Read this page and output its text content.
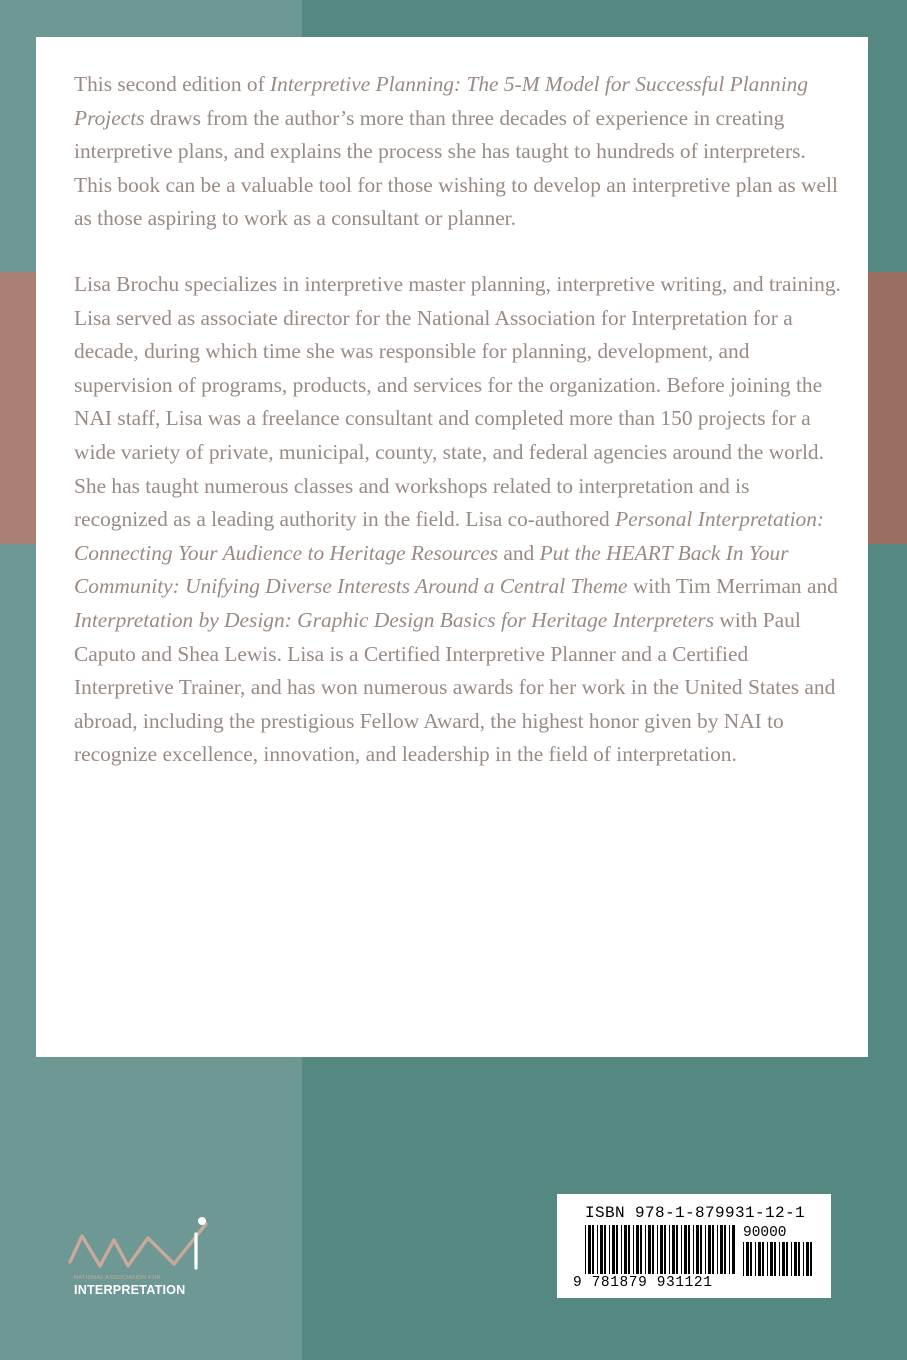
This second edition of Interpretive Planning: The 5-M Model for Successful Planning Projects draws from the author’s more than three decades of experience in creating interpretive plans, and explains the process she has taught to hundreds of interpreters. This book can be a valuable tool for those wishing to develop an interpretive plan as well as those aspiring to work as a consultant or planner.

Lisa Brochu specializes in interpretive master planning, interpretive writing, and training. Lisa served as associate director for the National Association for Interpretation for a decade, during which time she was responsible for planning, development, and supervision of programs, products, and services for the organization. Before joining the NAI staff, Lisa was a freelance consultant and completed more than 150 projects for a wide variety of private, municipal, county, state, and federal agencies around the world. She has taught numerous classes and workshops related to interpretation and is recognized as a leading authority in the field. Lisa co-authored Personal Interpretation: Connecting Your Audience to Heritage Resources and Put the HEART Back In Your Community: Unifying Diverse Interests Around a Central Theme with Tim Merriman and Interpretation by Design: Graphic Design Basics for Heritage Interpreters with Paul Caputo and Shea Lewis. Lisa is a Certified Interpretive Planner and a Certified Interpretive Trainer, and has won numerous awards for her work in the United States and abroad, including the prestigious Fellow Award, the highest honor given by NAI to recognize excellence, innovation, and leadership in the field of interpretation.

NATIONAL ASSOCIATION FOR
INTERPRETATION
ISBN 978-1-879931-12-1
90000
9 781879 931121
